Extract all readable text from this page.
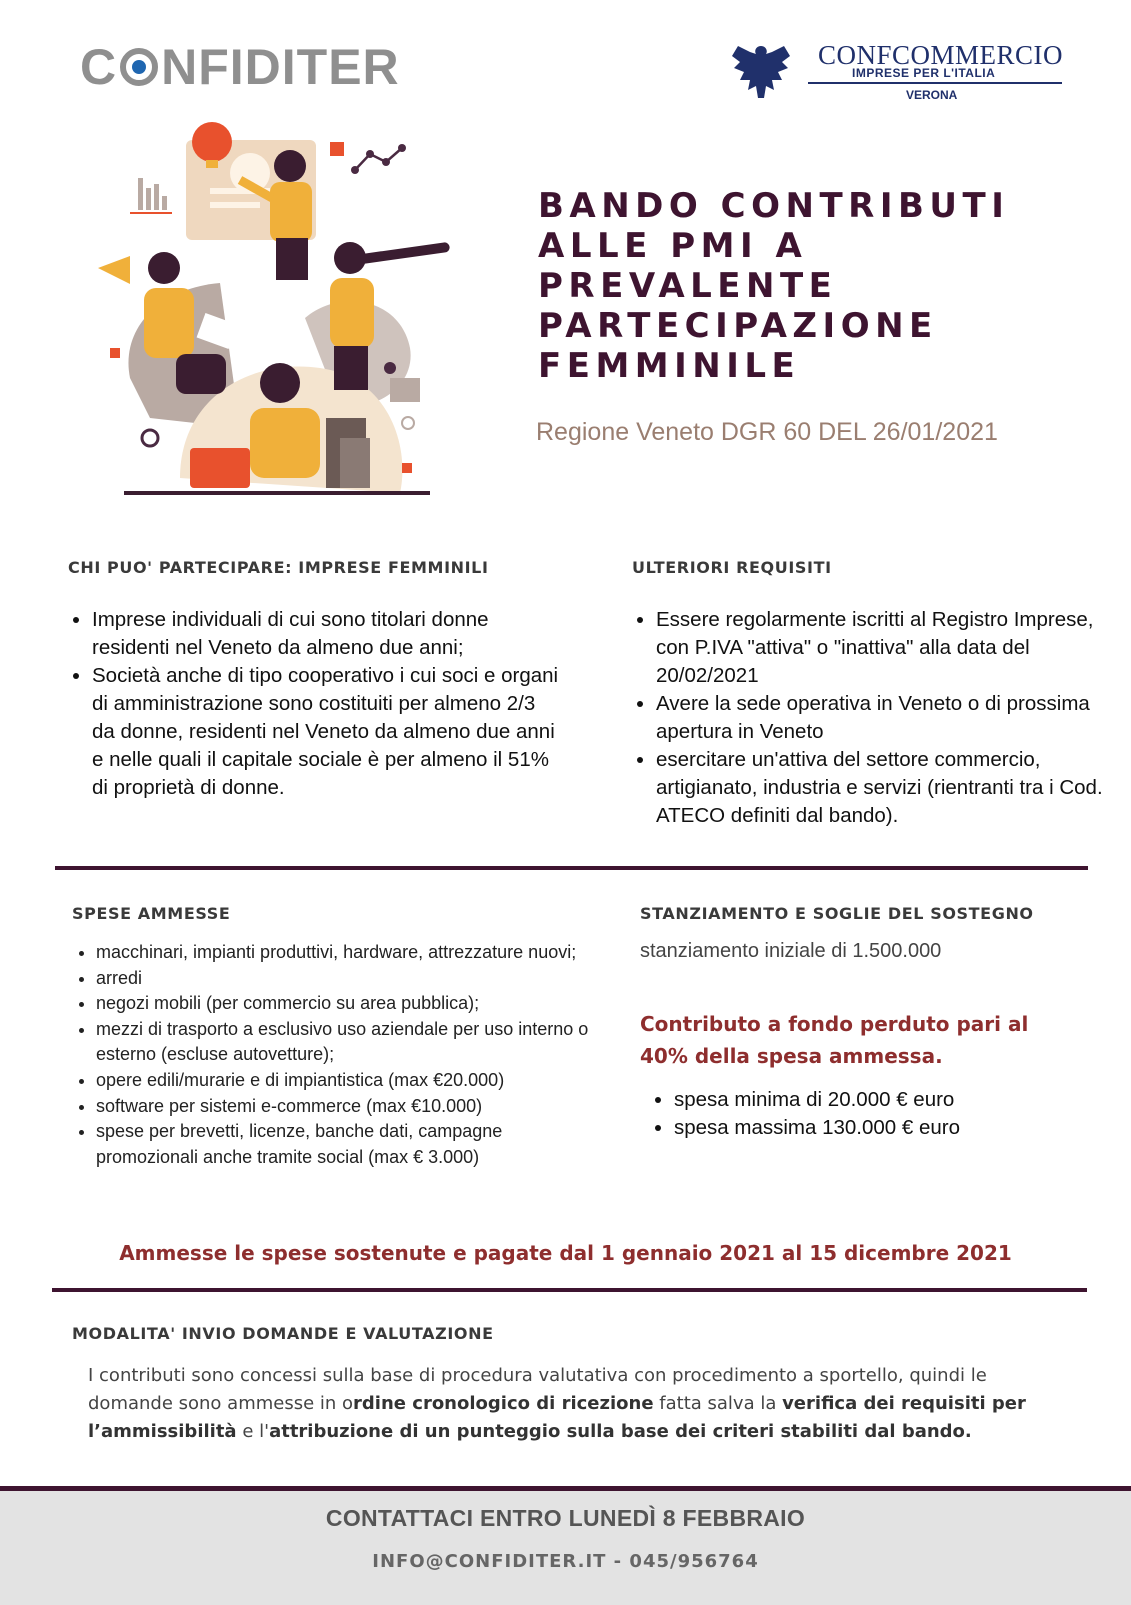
C NFIDITER	CONFCOMMERCIO
IMPRESE PER L'ITALIA
VERONA
BANDO CONTRIBUTI
ALLE PMI A
PREVALENTE
PARTECIPAZIONE
FEMMINILE
Regione Veneto DGR 60 DEL 26/01/2021
CHI PUO' PARTECIPARE: IMPRESE FEMMINILI
• Imprese individuali di cui sono titolari donne residenti nel Veneto da almeno due anni;
• Società anche di tipo cooperativo i cui soci e organi di amministrazione sono costituiti per almeno 2/3 da donne, residenti nel Veneto da almeno due anni e nelle quali il capitale sociale è per almeno il 51% di proprietà di donne.
ULTERIORI REQUISITI
• Essere regolarmente iscritti al Registro Imprese, con P.IVA "attiva" o "inattiva" alla data del 20/02/2021
• Avere la sede operativa in Veneto o di prossima apertura in Veneto
• esercitare un'attiva del settore commercio, artigianato, industria e servizi (rientranti tra i Cod. ATECO definiti dal bando).
SPESE AMMESSE
• macchinari, impianti produttivi, hardware, attrezzature nuovi;
• arredi
• negozi mobili (per commercio su area pubblica);
• mezzi di trasporto a esclusivo uso aziendale per uso interno o esterno (escluse autovetture);
• opere edili/murarie e di impiantistica (max €20.000)
• software per sistemi e-commerce (max €10.000)
• spese per brevetti, licenze, banche dati, campagne promozionali anche tramite social (max € 3.000)
STANZIAMENTO E SOGLIE DEL SOSTEGNO
stanziamento iniziale di 1.500.000
Contributo a fondo perduto pari al 40% della spesa ammessa.
• spesa minima di 20.000 € euro
• spesa massima 130.000 € euro
Ammesse le spese sostenute e pagate dal 1 gennaio 2021 al 15 dicembre 2021
MODALITA' INVIO DOMANDE E VALUTAZIONE
I contributi sono concessi sulla base di procedura valutativa con procedimento a sportello, quindi le domande sono ammesse in ordine cronologico di ricezione fatta salva la verifica dei requisiti per l’ammissibilità e l'attribuzione di un punteggio sulla base dei criteri stabiliti dal bando.
CONTATTACI ENTRO LUNEDÌ 8 FEBBRAIO
INFO@CONFIDITER.IT - 045/956764
